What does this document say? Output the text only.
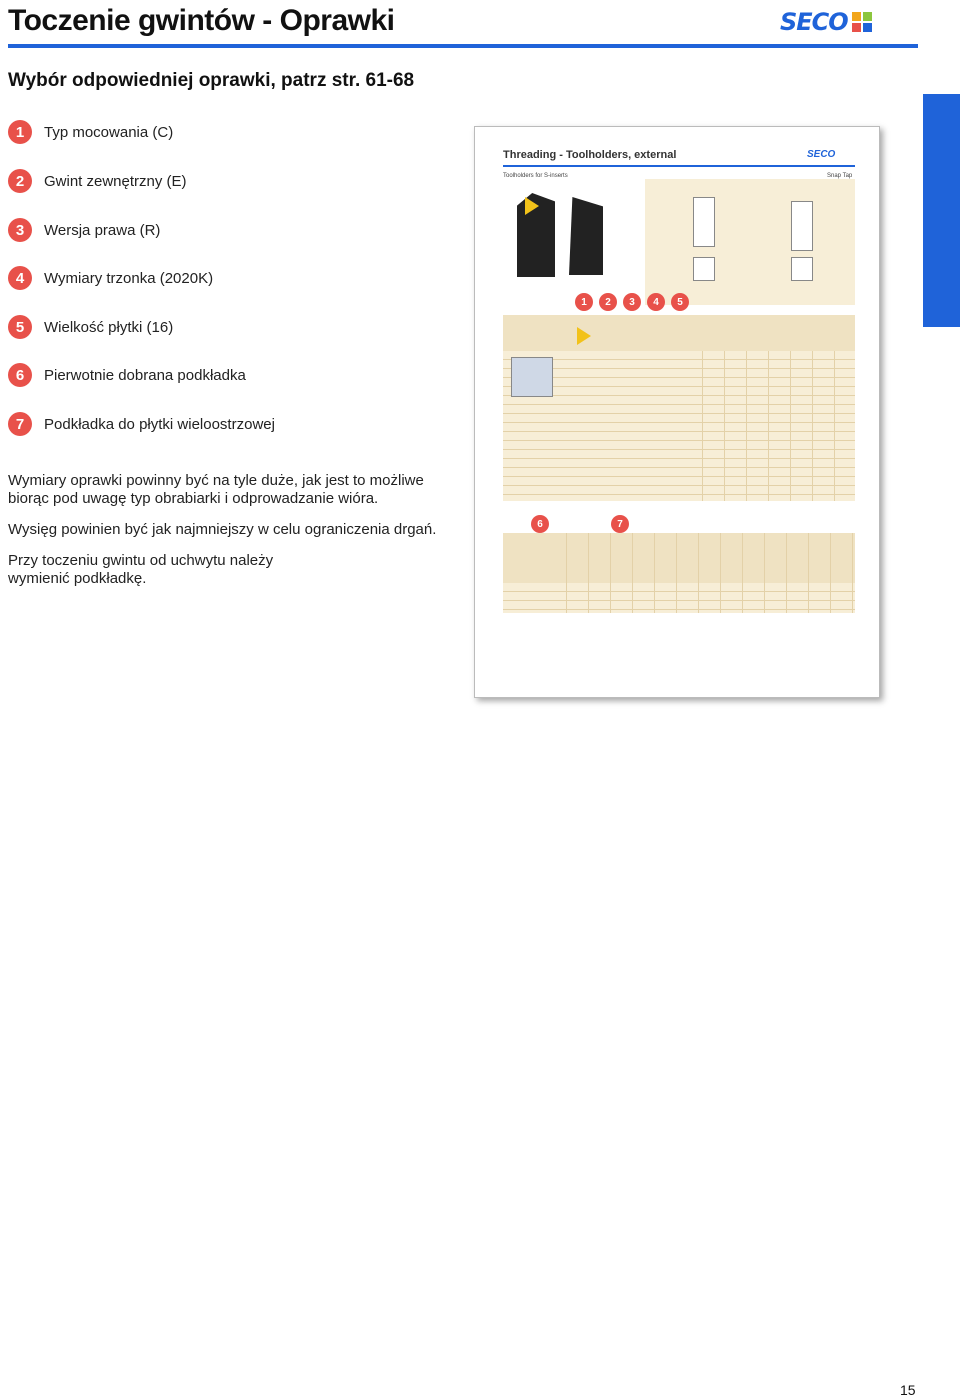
Toczenie gwintów - Oprawki	SECO
Wybór odpowiedniej oprawki, patrz str. 61-68
1	Typ mocowania (C)
2	Gwint zewnętrzny (E)
3	Wersja prawa (R)
4	Wymiary trzonka (2020K)
5	Wielkość płytki (16)
6	Pierwotnie dobrana podkładka
7	Podkładka do płytki wieloostrzowej

Wymiary oprawki powinny być na tyle duże, jak jest to możliwe biorąc pod uwagę typ obrabiarki i odprowadzanie wióra.

Wysięg powinien być jak najmniejszy w celu ograniczenia drgań.

Przy toczeniu gwintu od uchwytu należy wymienić podkładkę.

Threading - Toolholders, external	SECO
Toolholders for S-inserts	Snap Tap
1	2	3	4	5
6	7
15
